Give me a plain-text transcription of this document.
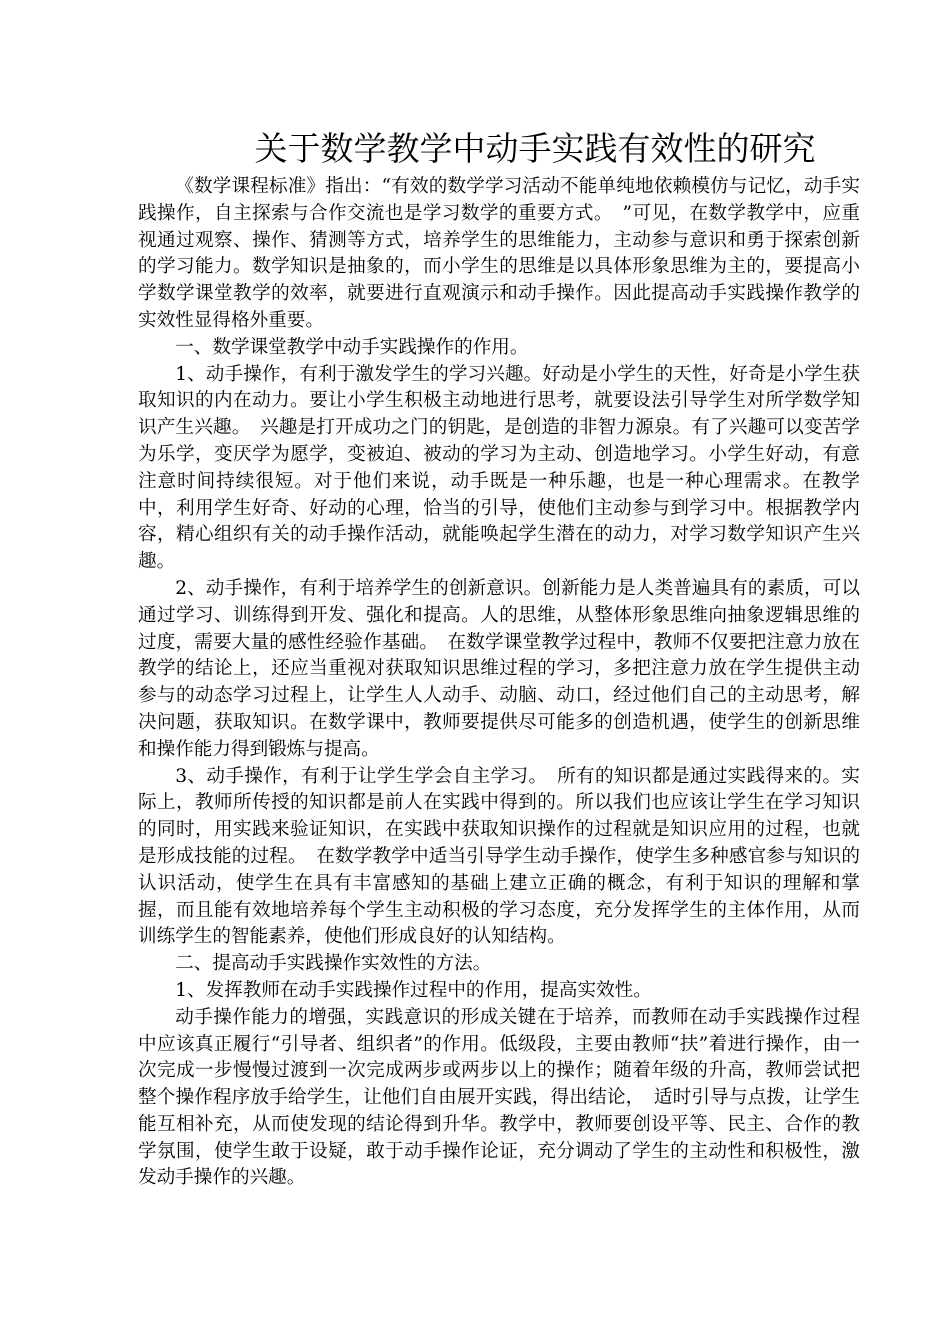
关于数学教学中动手实践有效性的研究

《数学课程标准》指出：“有效的数学学习活动不能单纯地依赖模仿与记忆，动手实践操作，自主探索与合作交流也是学习数学的重要方式。　”可见，在数学教学中，应重视通过观察、操作、猜测等方式，培养学生的思维能力，主动参与意识和勇于探索创新的学习能力。数学知识是抽象的，而小学生的思维是以具体形象思维为主的，要提高小学数学课堂教学的效率，就要进行直观演示和动手操作。因此提高动手实践操作教学的实效性显得格外重要。

一、数学课堂教学中动手实践操作的作用。

1、动手操作，有利于激发学生的学习兴趣。好动是小学生的天性，好奇是小学生获取知识的内在动力。要让小学生积极主动地进行思考，就要设法引导学生对所学数学知识产生兴趣。　兴趣是打开成功之门的钥匙，是创造的非智力源泉。有了兴趣可以变苦学为乐学，变厌学为愿学，变被迫、被动的学习为主动、创造地学习。小学生好动，有意注意时间持续很短。对于他们来说，动手既是一种乐趣，也是一种心理需求。在教学中，利用学生好奇、好动的心理，恰当的引导，使他们主动参与到学习中。根据教学内容，精心组织有关的动手操作活动，就能唤起学生潜在的动力，对学习数学知识产生兴趣。

2、动手操作，有利于培养学生的创新意识。创新能力是人类普遍具有的素质，可以通过学习、训练得到开发、强化和提高。人的思维，从整体形象思维向抽象逻辑思维的过度，需要大量的感性经验作基础。　在数学课堂教学过程中，教师不仅要把注意力放在教学的结论上，还应当重视对获取知识思维过程的学习，多把注意力放在学生提供主动参与的动态学习过程上，让学生人人动手、动脑、动口，经过他们自己的主动思考，解决问题，获取知识。在数学课中，教师要提供尽可能多的创造机遇，使学生的创新思维和操作能力得到锻炼与提高。

3、动手操作，有利于让学生学会自主学习。　所有的知识都是通过实践得来的。实际上，教师所传授的知识都是前人在实践中得到的。所以我们也应该让学生在学习知识的同时，用实践来验证知识，在实践中获取知识操作的过程就是知识应用的过程，也就是形成技能的过程。　在数学教学中适当引导学生动手操作，使学生多种感官参与知识的认识活动，使学生在具有丰富感知的基础上建立正确的概念，有利于知识的理解和掌握，而且能有效地培养每个学生主动积极的学习态度，充分发挥学生的主体作用，从而训练学生的智能素养，使他们形成良好的认知结构。

二、提高动手实践操作实效性的方法。

1、发挥教师在动手实践操作过程中的作用，提高实效性。

动手操作能力的增强，实践意识的形成关键在于培养，而教师在动手实践操作过程中应该真正履行“引导者、组织者”的作用。低级段，主要由教师“扶”着进行操作，由一次完成一步慢慢过渡到一次完成两步或两步以上的操作；随着年级的升高，教师尝试把整个操作程序放手给学生，让他们自由展开实践，得出结论，　适时引导与点拨，让学生能互相补充，从而使发现的结论得到升华。教学中，教师要创设平等、民主、合作的教学氛围，使学生敢于设疑，敢于动手操作论证，充分调动了学生的主动性和积极性，激发动手操作的兴趣。
